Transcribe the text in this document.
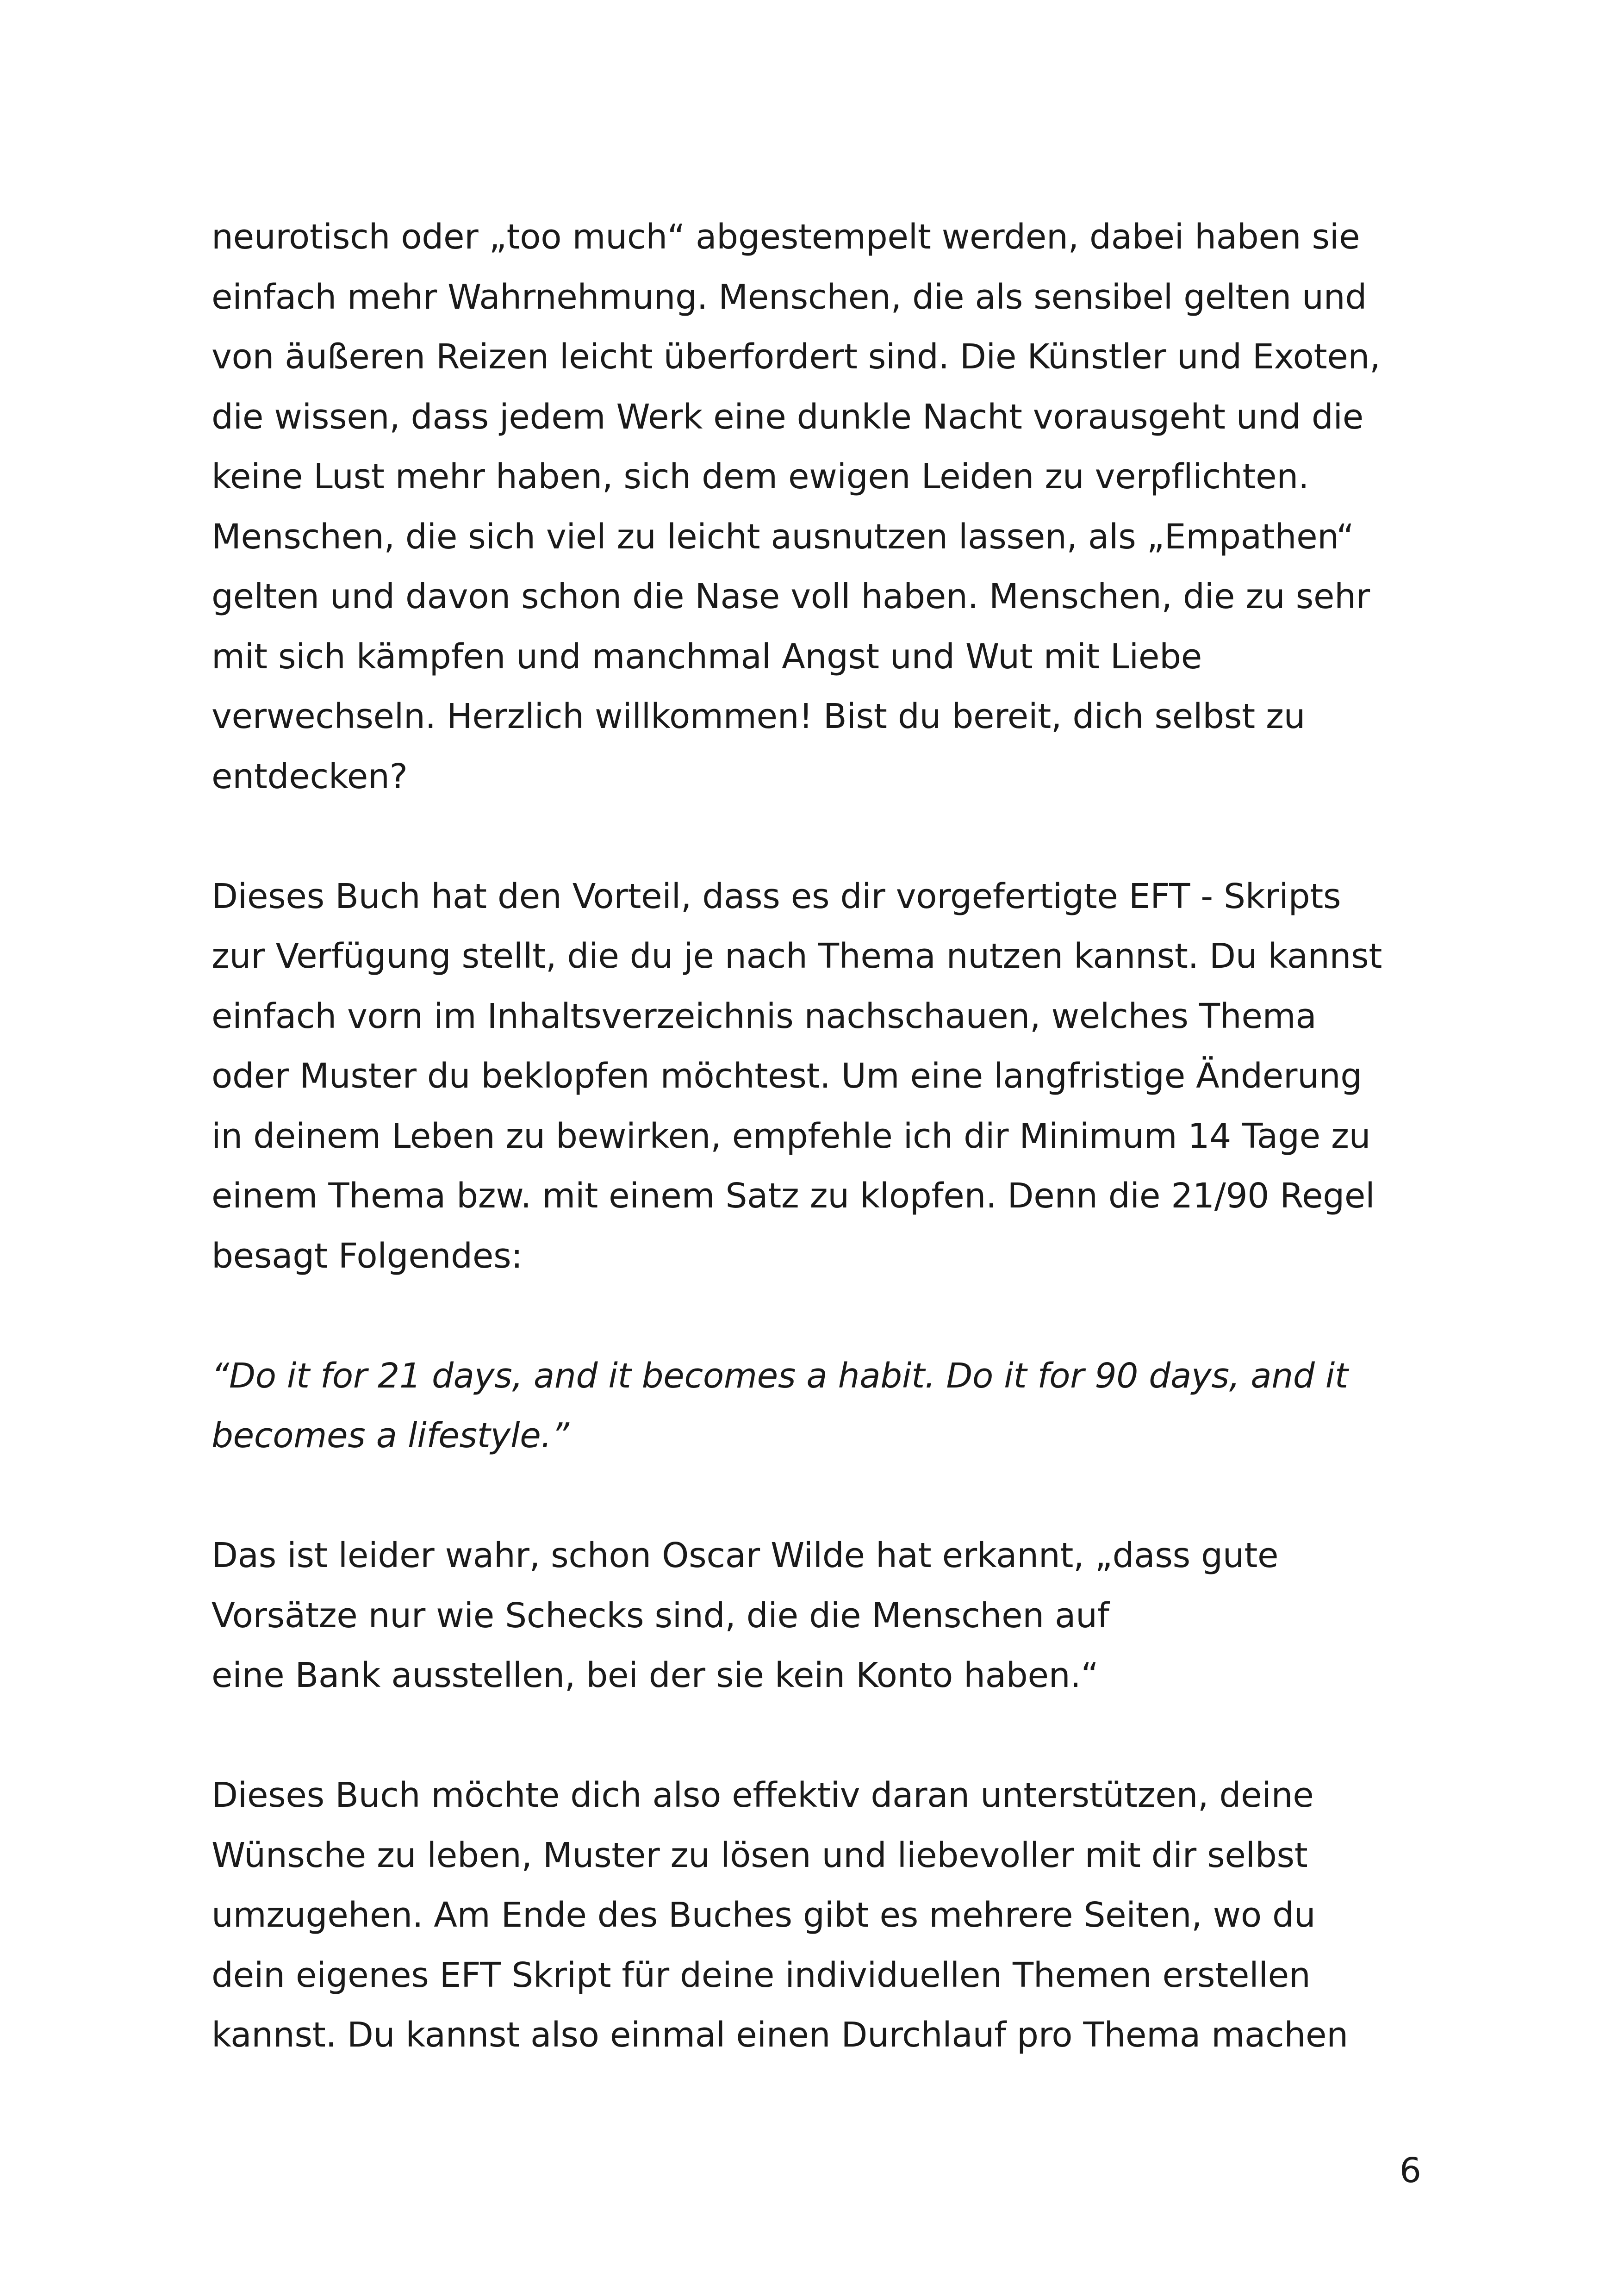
neurotisch oder „too much“ abgestempelt werden, dabei haben sie
einfach mehr Wahrnehmung. Menschen, die als sensibel gelten und
von äußeren Reizen leicht überfordert sind. Die Künstler und Exoten,
die wissen, dass jedem Werk eine dunkle Nacht vorausgeht und die
keine Lust mehr haben, sich dem ewigen Leiden zu verpflichten.
Menschen, die sich viel zu leicht ausnutzen lassen, als „Empathen“
gelten und davon schon die Nase voll haben. Menschen, die zu sehr
mit sich kämpfen und manchmal Angst und Wut mit Liebe
verwechseln. Herzlich willkommen! Bist du bereit, dich selbst zu
entdecken?
Dieses Buch hat den Vorteil, dass es dir vorgefertigte EFT - Skripts
zur Verfügung stellt, die du je nach Thema nutzen kannst. Du kannst
einfach vorn im Inhaltsverzeichnis nachschauen, welches Thema
oder Muster du beklopfen möchtest. Um eine langfristige Änderung
in deinem Leben zu bewirken, empfehle ich dir Minimum 14 Tage zu
einem Thema bzw. mit einem Satz zu klopfen. Denn die 21/90 Regel
besagt Folgendes:
“Do it for 21 days, and it becomes a habit. Do it for 90 days, and it
becomes a lifestyle.”
Das ist leider wahr, schon Oscar Wilde hat erkannt, „dass gute
Vorsätze nur wie Schecks sind, die die Menschen auf
eine Bank ausstellen, bei der sie kein Konto haben.“
Dieses Buch möchte dich also effektiv daran unterstützen, deine
Wünsche zu leben, Muster zu lösen und liebevoller mit dir selbst
umzugehen. Am Ende des Buches gibt es mehrere Seiten, wo du
dein eigenes EFT Skript für deine individuellen Themen erstellen
kannst. Du kannst also einmal einen Durchlauf pro Thema machen
6
